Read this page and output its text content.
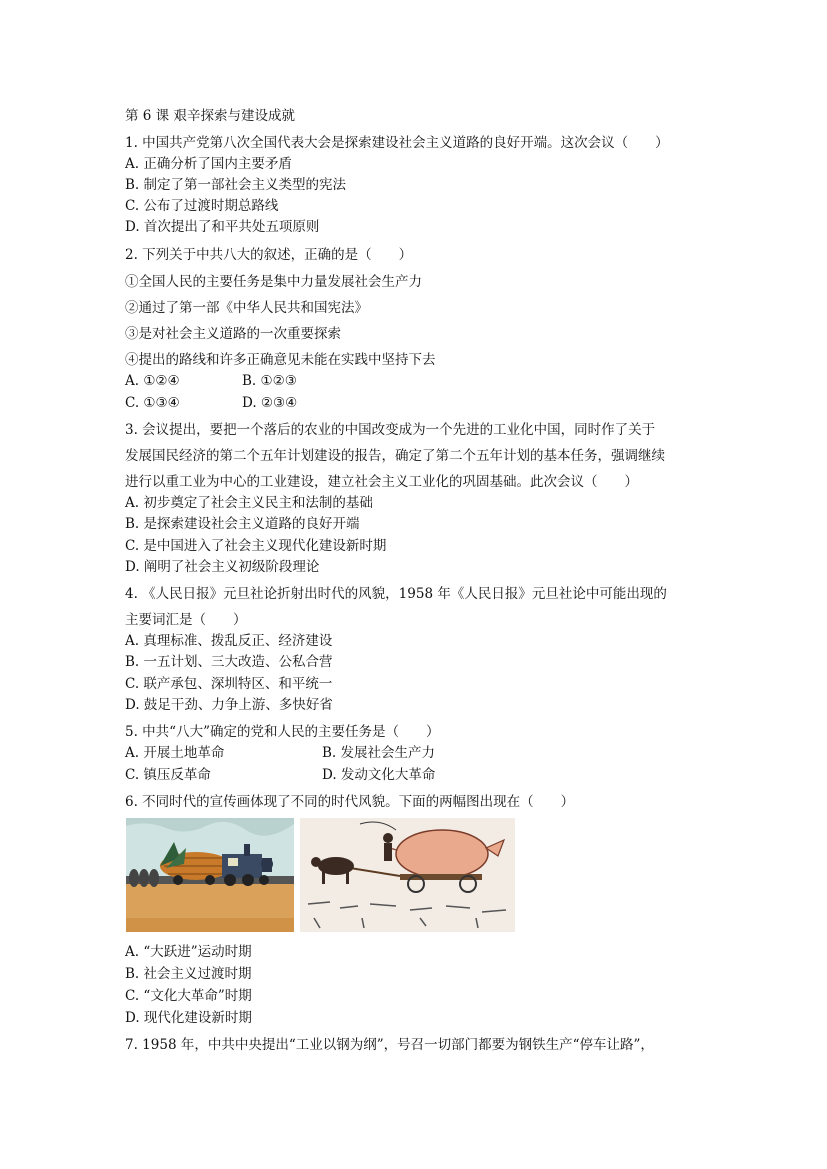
第 6 课 艰辛探索与建设成就
1. 中国共产党第八次全国代表大会是探索建设社会主义道路的良好开端。这次会议（　　）
A. 正确分析了国内主要矛盾
B. 制定了第一部社会主义类型的宪法
C. 公布了过渡时期总路线
D. 首次提出了和平共处五项原则
2. 下列关于中共八大的叙述，正确的是（　　）
①全国人民的主要任务是集中力量发展社会生产力
②通过了第一部《中华人民共和国宪法》
③是对社会主义道路的一次重要探索
④提出的路线和许多正确意见未能在实践中坚持下去
A. ①②④	B. ①②③
C. ①③④	D. ②③④
3. 会议提出，要把一个落后的农业的中国改变成为一个先进的工业化中国，同时作了关于
发展国民经济的第二个五年计划建设的报告，确定了第二个五年计划的基本任务，强调继续
进行以重工业为中心的工业建设，建立社会主义工业化的巩固基础。此次会议（　　）
A. 初步奠定了社会主义民主和法制的基础
B. 是探索建设社会主义道路的良好开端
C. 是中国进入了社会主义现代化建设新时期
D. 阐明了社会主义初级阶段理论
4. 《人民日报》元旦社论折射出时代的风貌，1958 年《人民日报》元旦社论中可能出现的
主要词汇是（　　）
A. 真理标准、拨乱反正、经济建设
B. 一五计划、三大改造、公私合营
C. 联产承包、深圳特区、和平统一
D. 鼓足干劲、力争上游、多快好省
5. 中共“八大”确定的党和人民的主要任务是（　　）
A. 开展土地革命	B. 发展社会生产力
C. 镇压反革命	D. 发动文化大革命
6. 不同时代的宣传画体现了不同的时代风貌。下面的两幅图出现在（　　）
A. “大跃进”运动时期
B. 社会主义过渡时期
C. “文化大革命”时期
D. 现代化建设新时期
7. 1958 年，中共中央提出“工业以钢为纲”，号召一切部门都要为钢铁生产“停车让路”，
